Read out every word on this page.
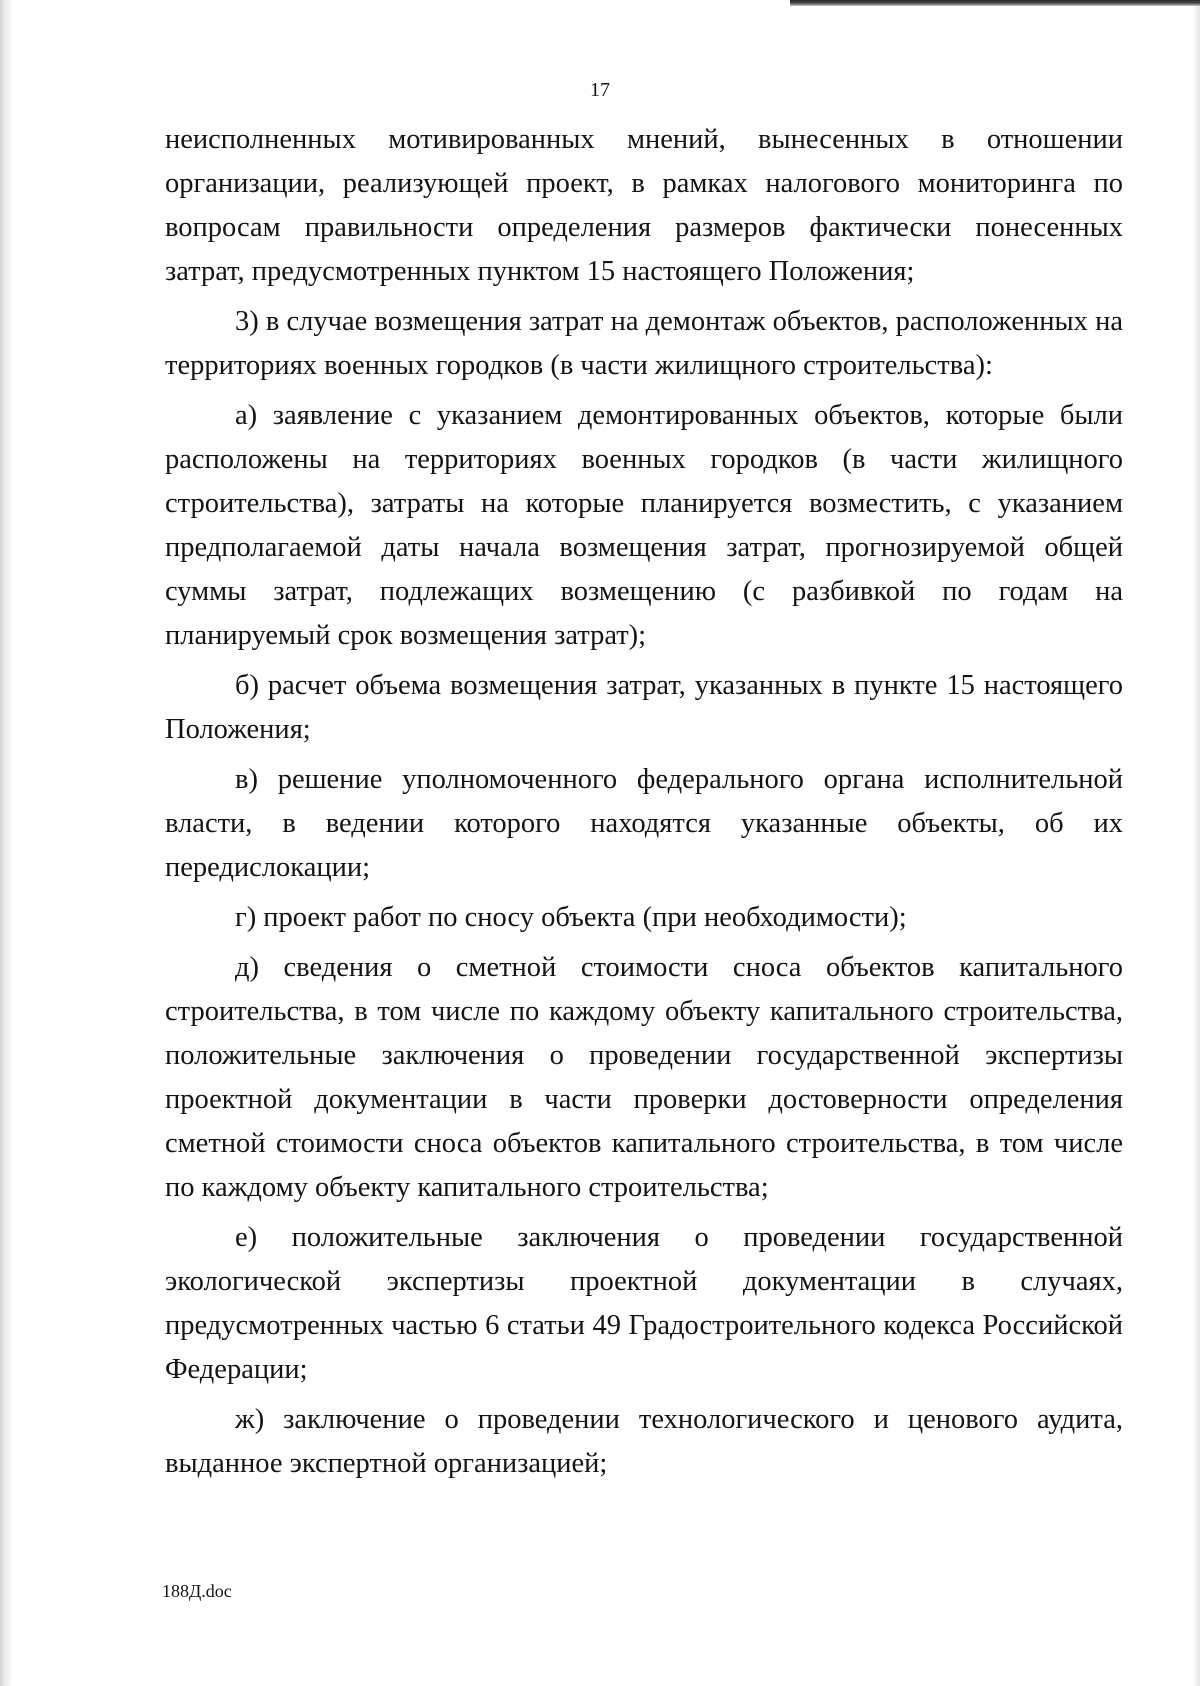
17

неисполненных мотивированных мнений, вынесенных в отношении организации, реализующей проект, в рамках налогового мониторинга по вопросам правильности определения размеров фактически понесенных затрат, предусмотренных пунктом 15 настоящего Положения;

3) в случае возмещения затрат на демонтаж объектов, расположенных на территориях военных городков (в части жилищного строительства):

а) заявление с указанием демонтированных объектов, которые были расположены на территориях военных городков (в части жилищного строительства), затраты на которые планируется возместить, с указанием предполагаемой даты начала возмещения затрат, прогнозируемой общей суммы затрат, подлежащих возмещению (с разбивкой по годам на планируемый срок возмещения затрат);

б) расчет объема возмещения затрат, указанных в пункте 15 настоящего Положения;

в) решение уполномоченного федерального органа исполнительной власти, в ведении которого находятся указанные объекты, об их передислокации;

г) проект работ по сносу объекта (при необходимости);

д) сведения о сметной стоимости сноса объектов капитального строительства, в том числе по каждому объекту капитального строительства, положительные заключения о проведении государственной экспертизы проектной документации в части проверки достоверности определения сметной стоимости сноса объектов капитального строительства, в том числе по каждому объекту капитального строительства;

е) положительные заключения о проведении государственной экологической экспертизы проектной документации в случаях, предусмотренных частью 6 статьи 49 Градостроительного кодекса Российской Федерации;

ж) заключение о проведении технологического и ценового аудита, выданное экспертной организацией;

188Д.doc
